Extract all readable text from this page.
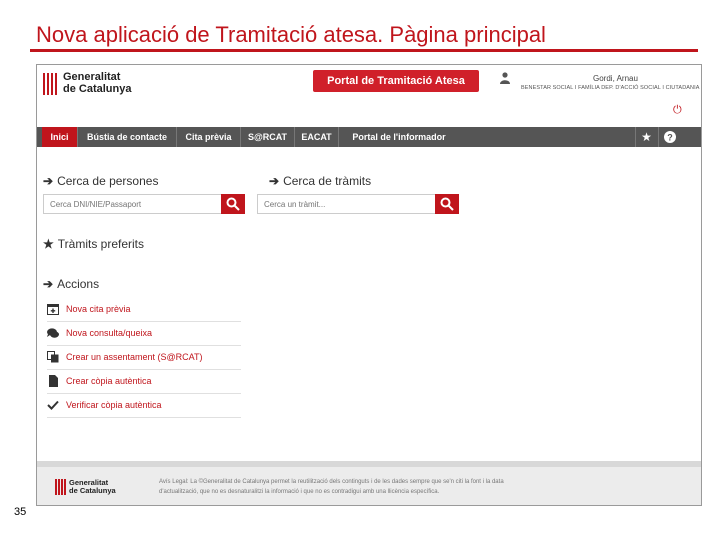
Nova aplicació de Tramitació atesa. Pàgina principal
Generalitat
de Catalunya
Portal de Tramitació Atesa	Gordi, Arnau
BENESTAR SOCIAL I FAMÍLIA DEP. D'ACCIÓ SOCIAL I CIUTADANIA
⏻
Inici	Bústia de contacte	Cita prèvia	S@RCAT	EACAT	Portal de l'informador	★	?
➔ Cerca de persones
Cerca DNI/NIE/Passaport	➔ Cerca de tràmits
Cerca un tràmit...
★ Tràmits preferits
➔ Accions
Nova cita prèvia
Nova consulta/queixa
Crear un assentament (S@RCAT)
Crear còpia autèntica
Verificar còpia autèntica
Generalitat
de Catalunya
Avís Legal: La ©Generalitat de Catalunya permet la reutilització dels continguts i de les dades sempre que se'n citi la font i la data
d'actualització, que no es desnaturalitzi la informació i que no es contradigui amb una llicència específica.
35
